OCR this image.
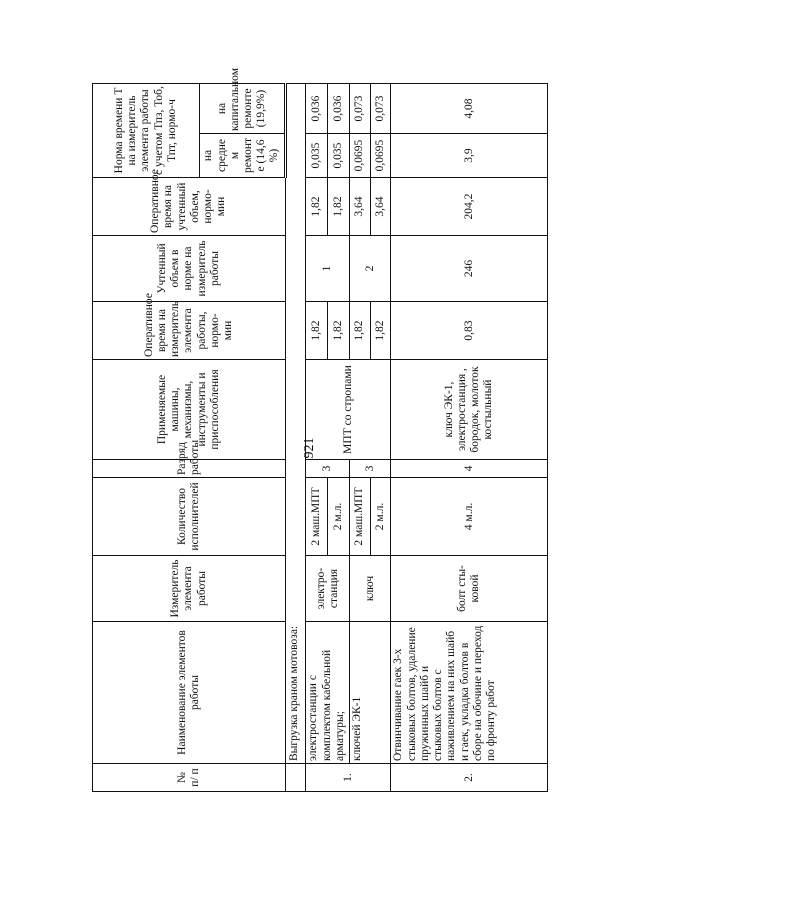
921
№ п/ п	Наименование элементов работы	Измеритель элемента работы	Количество исполнителей	Разряд работы	Применяемые машины, механизмы, инструменты и приспособления	Оперативное время на измеритель элемента работы, нормо-мин	Учтенный объем в норме на измеритель работы	Оперативное время на учтенный объем, нормо-мин	Норма времени Т на измеритель элемента работы с учетом Тпз, Тоб, Тпт, нормо-ч	
									на средне м ремонт е (14,6 %)	на капитальном ремонте (19,9%)
	Выгрузка краном мотовоза:									
1.	электростанции с комплектом кабельной арматуры;	электро- станция	2 маш.МПТ	3	МПТ со стропами	1,82	1	1,82	0,035	0,036
			2 м.л.			1,82		1,82	0,035	0,036
	ключей ЭК-1	ключ	2 маш.МПТ	3		1,82	2	3,64	0,0695	0,073
			2 м.л.			1,82		3,64	0,0695	0,073
2.	Отвинчивание гаек 3-х стыковых болтов, удаление пружинных шайб и стыковых болтов с наживлением на них шайб и гаек, укладка болтов в сборе на обочине и переход по фронту работ	болт сты- ковой	4 м.л.	4	ключ ЭК-1, электростанция , бородок, молоток костыльный	0,83	246	204,2	3,9	4,08
